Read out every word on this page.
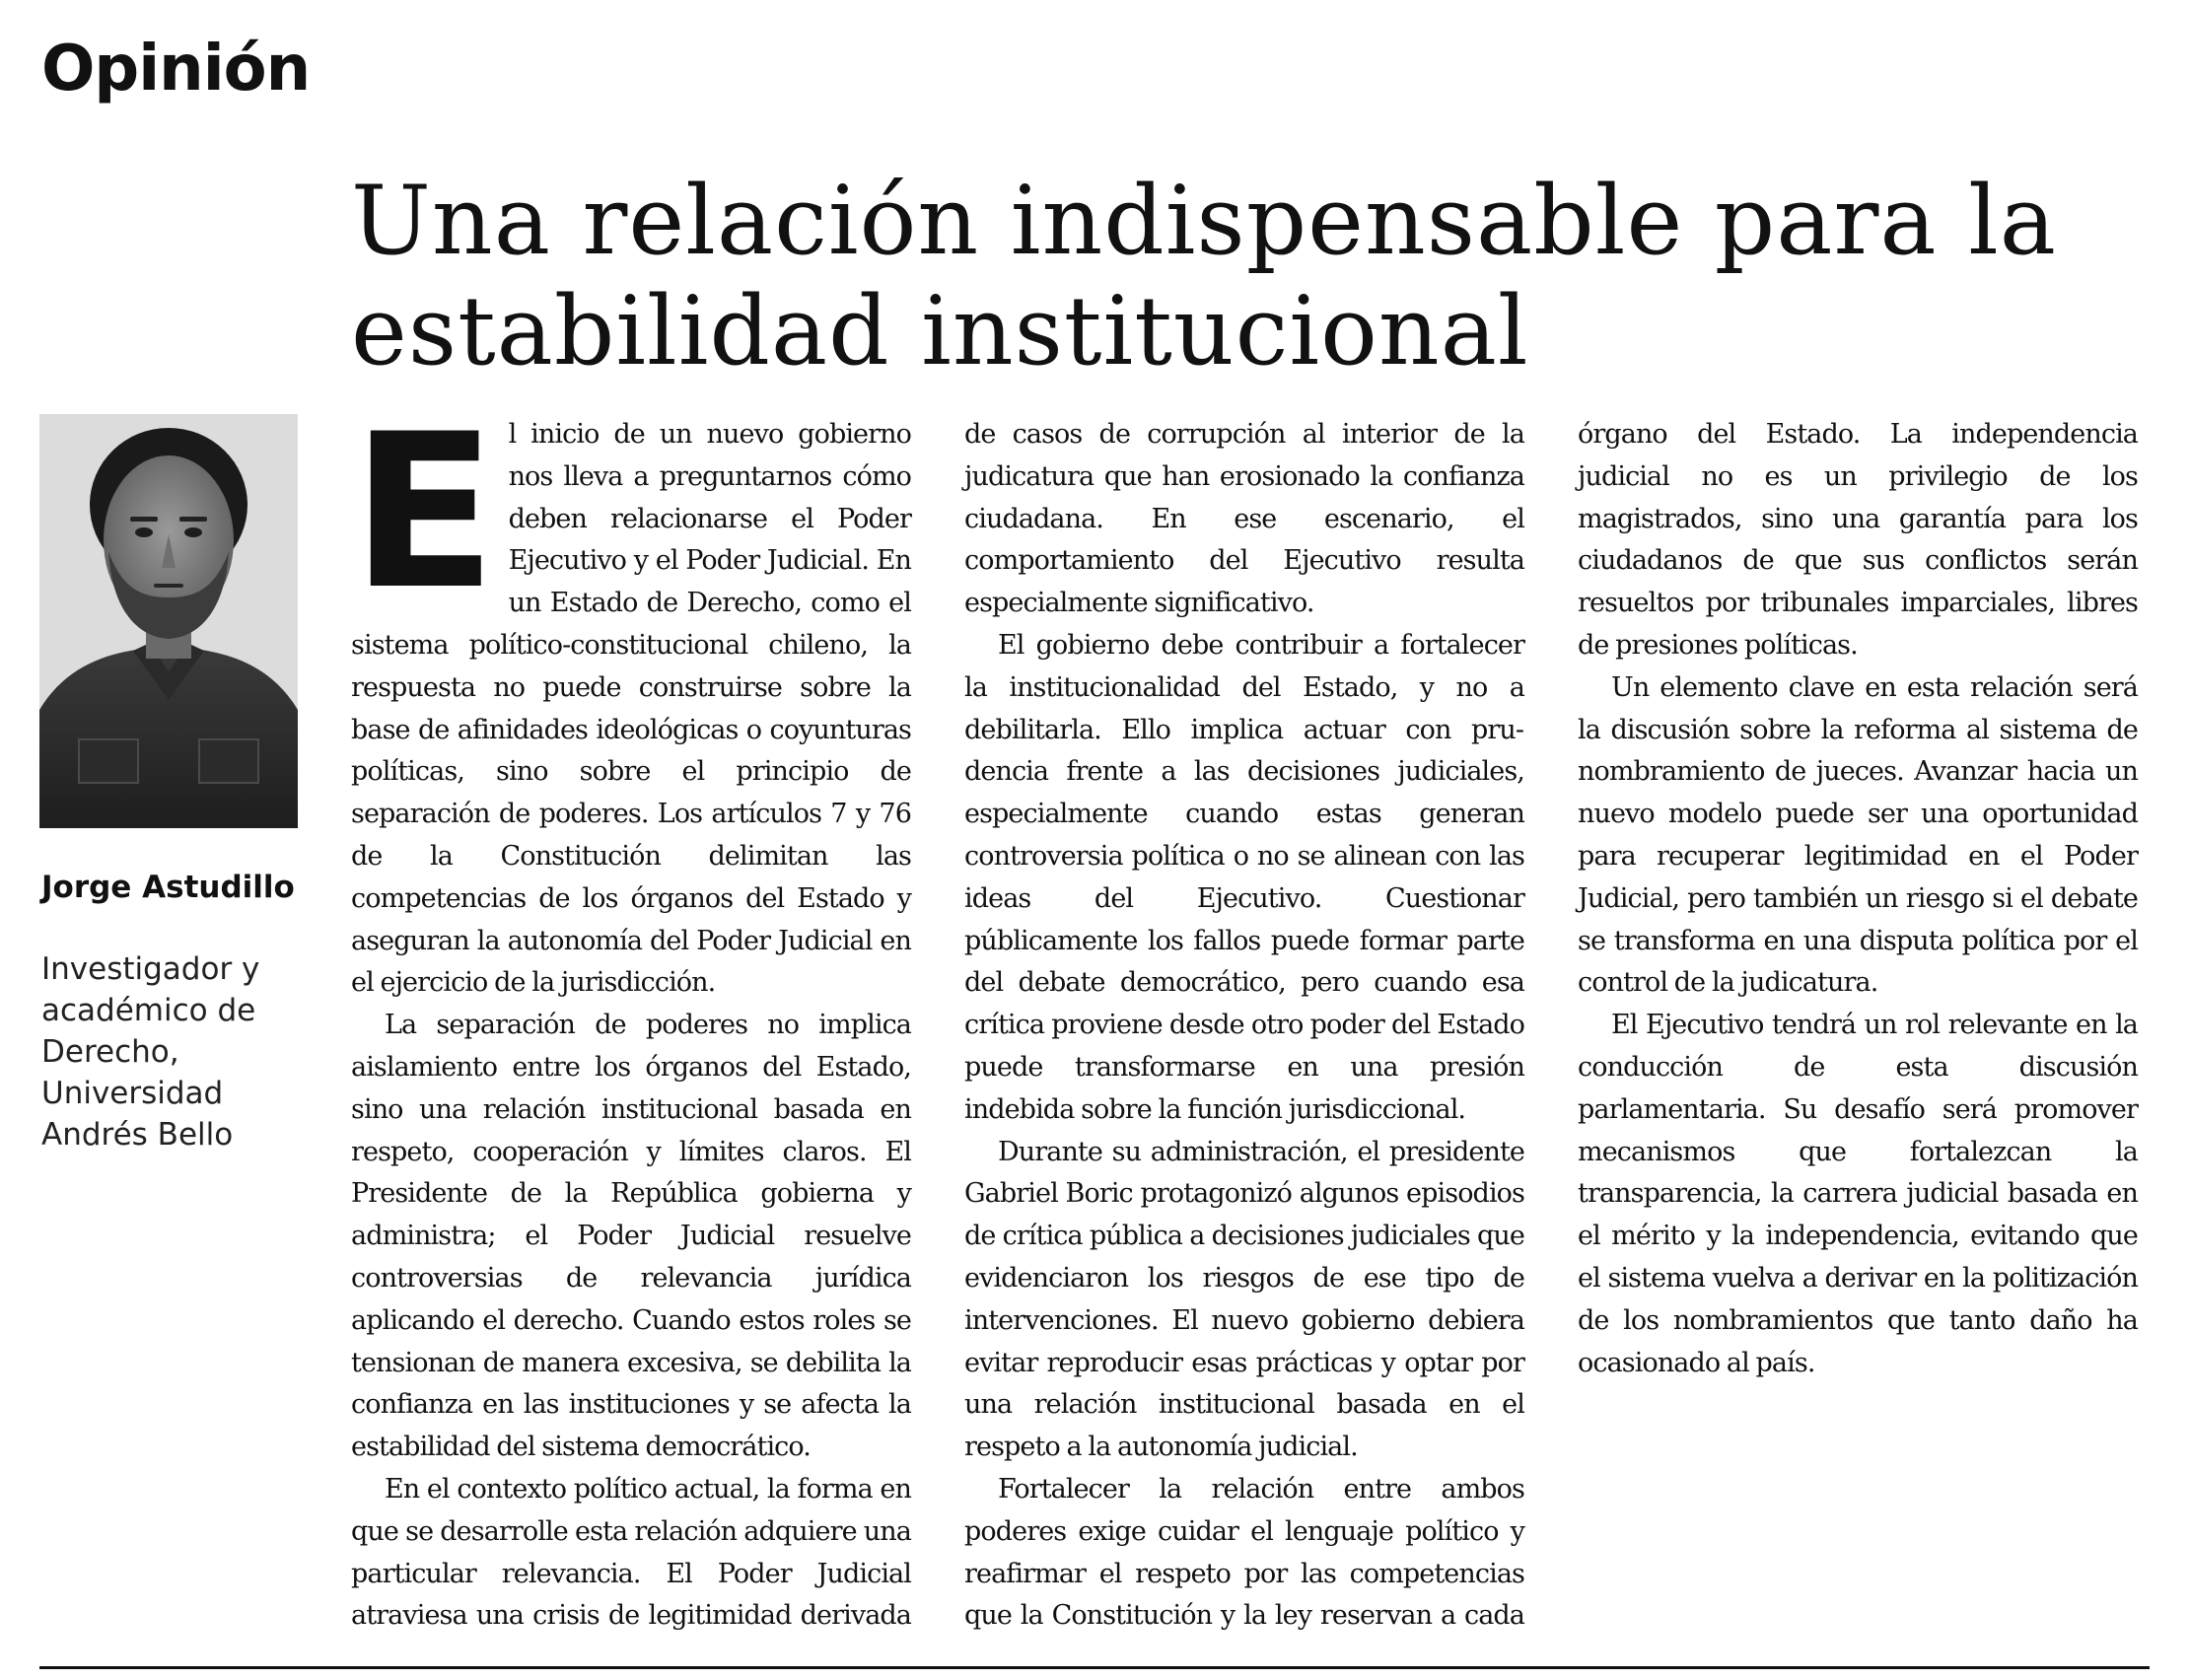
Opinión
Una relación indispensable para la estabilidad institucional

Jorge Astudillo

Investigador y académico de Derecho, Universidad Andrés Bello

El inicio de un nuevo gobierno nos lleva a preguntarnos cómo deben relacionarse el Poder Ejecutivo y el Poder Judicial. En un Estado de Derecho, como el sistema político-constitucional chileno, la respuesta no puede construirse sobre la base de afinidades ideológicas o coyunturas políticas, sino sobre el principio de separación de poderes. Los artículos 7 y 76 de la Constitución delimitan las competencias de los órganos del Estado y aseguran la autonomía del Poder Judicial en el ejercicio de la jurisdicción.

La separación de poderes no implica aislamiento entre los órganos del Estado, sino una relación institucional basada en respeto, cooperación y límites claros. El Presidente de la República gobierna y administra; el Poder Judicial resuelve controversias de relevancia jurídica aplicando el derecho. Cuando estos roles se tensionan de manera excesiva, se debilita la confianza en las instituciones y se afecta la estabilidad del sistema democrático.

En el contexto político actual, la forma en que se desarrolle esta relación adquiere una particular relevancia. El Poder Judicial atraviesa una crisis de legitimidad derivada de casos de corrupción al interior de la judicatura que han erosionado la confianza ciudadana. En ese escenario, el comportamiento del Ejecutivo resulta especialmente significativo.

El gobierno debe contribuir a fortalecer la institucionalidad del Estado, y no a debilitarla. Ello implica actuar con prudencia frente a las decisiones judiciales, especialmente cuando estas generan controversia política o no se alinean con las ideas del Ejecutivo. Cuestionar públicamente los fallos puede formar parte del debate democrático, pero cuando esa crítica proviene desde otro poder del Estado puede transformarse en una presión indebida sobre la función jurisdiccional.

Durante su administración, el presidente Gabriel Boric protagonizó algunos episodios de crítica pública a decisiones judiciales que evidenciaron los riesgos de ese tipo de intervenciones. El nuevo gobierno debiera evitar reproducir esas prácticas y optar por una relación institucional basada en el respeto a la autonomía judicial.

Fortalecer la relación entre ambos poderes exige cuidar el lenguaje político y reafirmar el respeto por las competencias que la Constitución y la ley reservan a cada órgano del Estado. La independencia judicial no es un privilegio de los magistrados, sino una garantía para los ciudadanos de que sus conflictos serán resueltos por tribunales imparciales, libres de presiones políticas.

Un elemento clave en esta relación será la discusión sobre la reforma al sistema de nombramiento de jueces. Avanzar hacia un nuevo modelo puede ser una oportunidad para recuperar legitimidad en el Poder Judicial, pero también un riesgo si el debate se transforma en una disputa política por el control de la judicatura.

El Ejecutivo tendrá un rol relevante en la conducción de esta discusión parlamentaria. Su desafío será promover mecanismos que fortalezcan la transparencia, la carrera judicial basada en el mérito y la independencia, evitando que el sistema vuelva a derivar en la politización de los nombramientos que tanto daño ha ocasionado al país.
